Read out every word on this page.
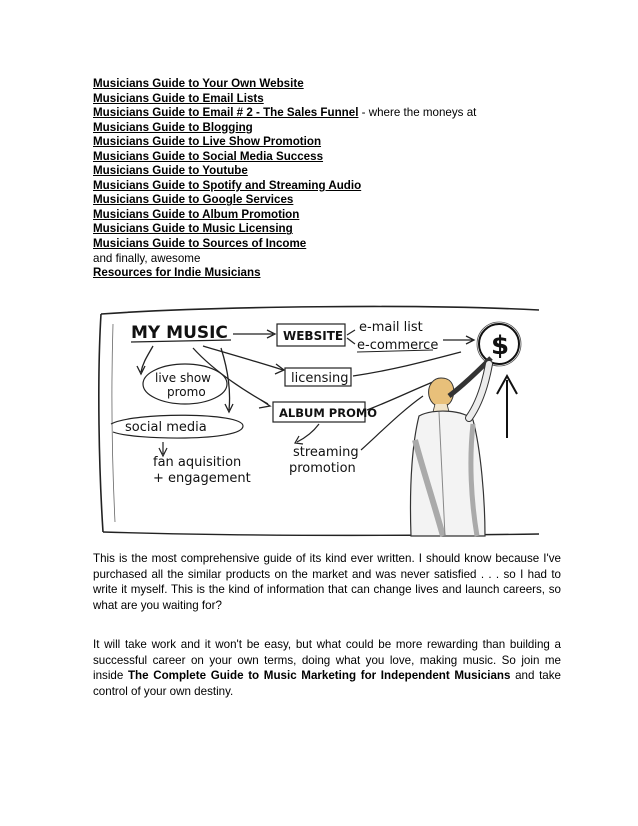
Musicians Guide to Your Own Website
Musicians Guide to Email Lists
Musicians Guide to Email # 2 - The Sales Funnel - where the moneys at
Musicians Guide to Blogging
Musicians Guide to Live Show Promotion
Musicians Guide to Social Media Success
Musicians Guide to Youtube
Musicians Guide to Spotify and Streaming Audio
Musicians Guide to Google Services
Musicians Guide to Album Promotion
Musicians Guide to Music Licensing
Musicians Guide to Sources of Income
and finally, awesome
Resources for Indie Musicians
MY MUSIC	WEBSITE
e-mail list
e-commerce $
live show
promo
licensing
ALBUM PROMO
social media
fan aquisition
+ engagement
streaming
promotion

This is the most comprehensive guide of its kind ever written. I should know because I've purchased all the similar products on the market and was never satisfied . . . so I had to write it myself. This is the kind of information that can change lives and launch careers, so what are you waiting for?

It will take work and it won't be easy, but what could be more rewarding than building a successful career on your own terms, doing what you love, making music. So join me inside The Complete Guide to Music Marketing for Independent Musicians and take control of your own destiny.
